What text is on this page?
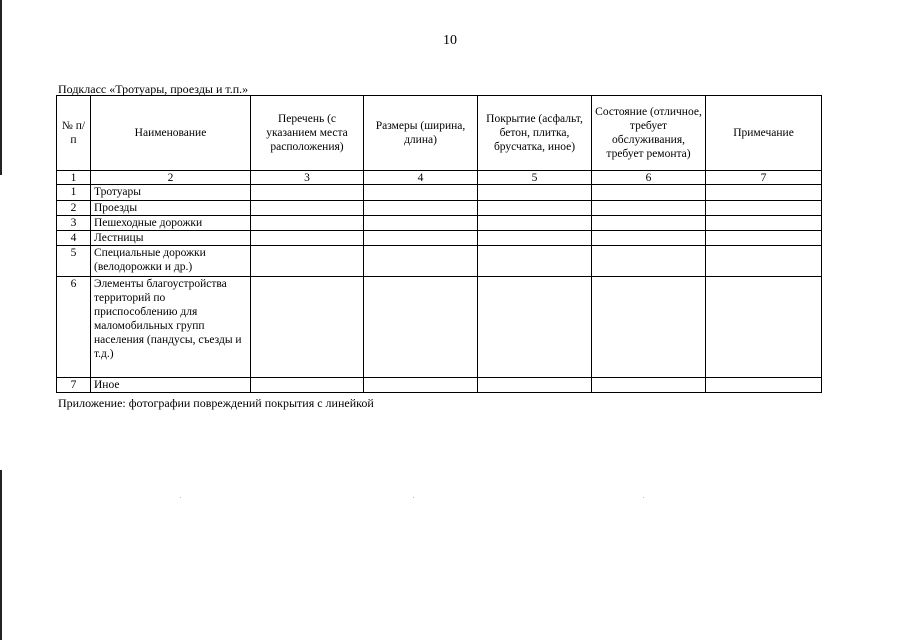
10
Подкласс «Тротуары, проезды и т.п.»
№ п/п	Наименование	Перечень (с указанием места расположения)	Размеры (ширина, длина)	Покрытие (асфальт, бетон, плитка, брусчатка, иное)	Состояние (отличное, требует обслуживания, требует ремонта)	Примечание
1	2	3	4	5	6	7
1	Тротуары					
2	Проезды					
3	Пешеходные дорожки					
4	Лестницы					
5	Специальные дорожки (велодорожки и др.)					
6	Элементы благоустройства территорий по приспособлению для маломобильных групп населения (пандусы, съезды и т.д.)					
7	Иное					
Приложение: фотографии повреждений покрытия с линейкой
